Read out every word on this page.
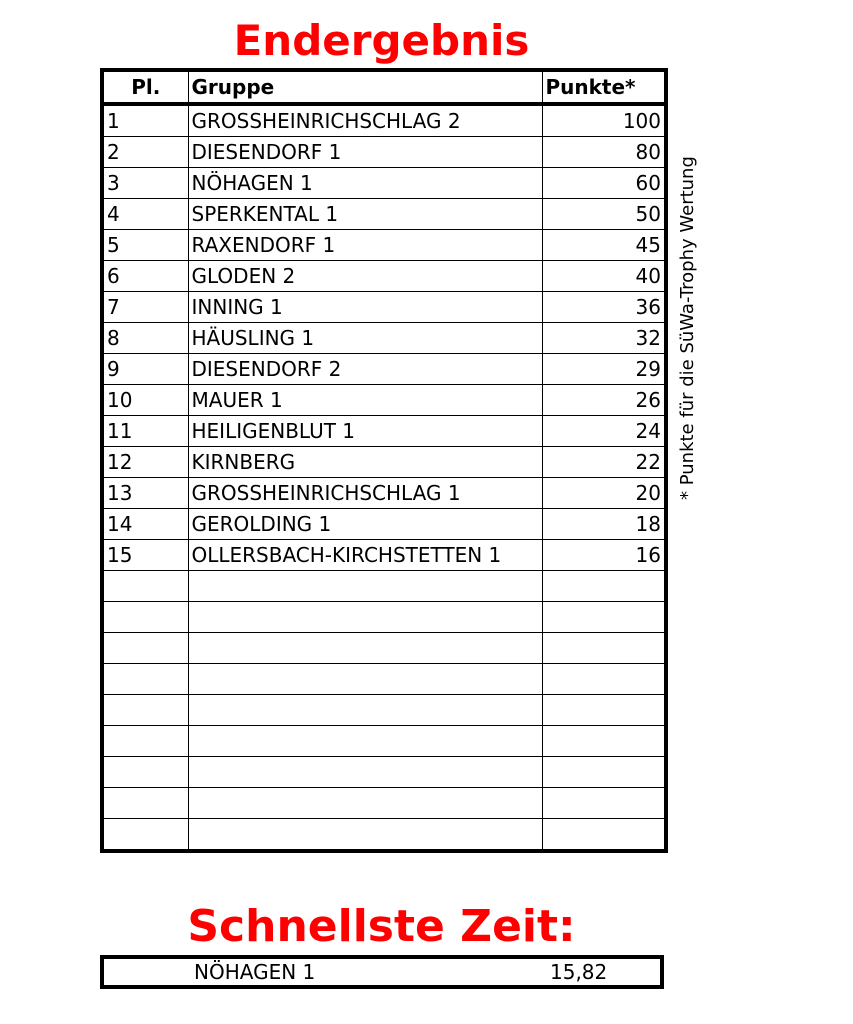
Endergebnis
Pl.	Gruppe	Punkte*
1	GROSSHEINRICHSCHLAG 2	100
2	DIESENDORF 1	80
3	NÖHAGEN 1	60
4	SPERKENTAL 1	50
5	RAXENDORF 1	45
6	GLODEN 2	40
7	INNING 1	36
8	HÄUSLING 1	32
9	DIESENDORF 2	29
10	MAUER 1	26
11	HEILIGENBLUT 1	24
12	KIRNBERG	22
13	GROSSHEINRICHSCHLAG 1	20
14	GEROLDING 1	18
15	OLLERSBACH-KIRCHSTETTEN 1	16

* Punkte für die SüWa-Trophy Wertung
Schnellste Zeit:
NÖHAGEN 1	15,82
